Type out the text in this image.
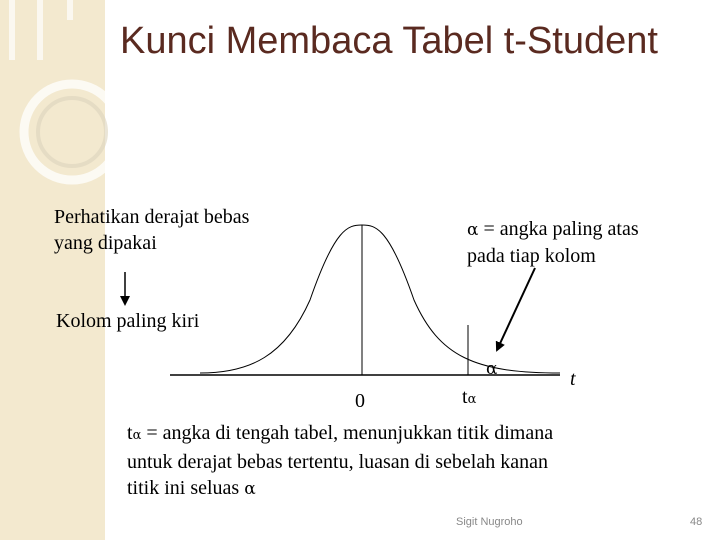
Kunci Membaca Tabel t-Student
Perhatikan derajat bebas
yang dipakai
α = angka paling atas
pada tiap kolom
Kolom paling kiri
α	t
0	tα
tα = angka di tengah tabel, menunjukkan titik dimana
untuk derajat bebas tertentu, luasan di sebelah kanan
titik ini seluas α
Sigit Nugroho	48
